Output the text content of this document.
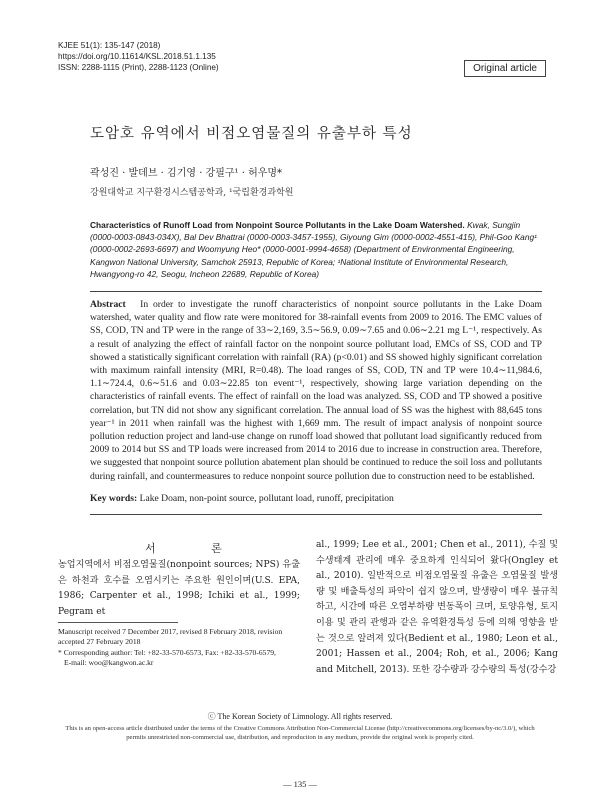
KJEE 51(1): 135-147 (2018)
https://doi.org/10.11614/KSL.2018.51.1.135
ISSN: 2288-1115 (Print), 2288-1123 (Online)	Original article
도암호 유역에서 비점오염물질의 유출부하 특성
곽성진 · 발데브 · 김기영 · 강필구¹ · 허우명*
강원대학교 지구환경시스템공학과, ¹국립환경과학원
Characteristics of Runoff Load from Nonpoint Source Pollutants in the Lake Doam Watershed. Kwak, Sungjin (0000-0003-0843-034X), Bal Dev Bhattrai (0000-0003-3457-1955), Giyoung Gim (0000-0002-4551-415), Phil-Goo Kang¹ (0000-0002-2693-6697) and Woomyung Heo* (0000-0001-9994-4658) (Department of Environmental Engineering, Kangwon National University, Samchok 25913, Republic of Korea; ¹National Institute of Environmental Research, Hwangyong-ro 42, Seogu, Incheon 22689, Republic of Korea)
Abstract In order to investigate the runoff characteristics of nonpoint source pollutants in the Lake Doam watershed, water quality and flow rate were monitored for 38-rainfall events from 2009 to 2016. The EMC values of SS, COD, TN and TP were in the range of 33∼2,169, 3.5∼56.9, 0.09∼7.65 and 0.06∼2.21 mg L⁻¹, respectively. As a result of analyzing the effect of rainfall factor on the nonpoint source pollutant load, EMCs of SS, COD and TP showed a statistically significant correlation with rainfall (RA) (p<0.01) and SS showed highly significant correlation with maximum rainfall intensity (MRI, R=0.48). The load ranges of SS, COD, TN and TP were 10.4∼11,984.6, 1.1∼724.4, 0.6∼51.6 and 0.03∼22.85 ton event⁻¹, respectively, showing large variation depending on the characteristics of rainfall events. The effect of rainfall on the load was analyzed. SS, COD and TP showed a positive correlation, but TN did not show any significant correlation. The annual load of SS was the highest with 88,645 tons year⁻¹ in 2011 when rainfall was the highest with 1,669 mm. The result of impact analysis of nonpoint source pollution reduction project and land-use change on runoff load showed that pollutant load significantly reduced from 2009 to 2014 but SS and TP loads were increased from 2014 to 2016 due to increase in construction area. Therefore, we suggested that nonpoint source pollution abatement plan should be continued to reduce the soil loss and pollutants during rainfall, and countermeasures to reduce nonpoint source pollution due to construction need to be established.
Key words: Lake Doam, non-point source, pollutant load, runoff, precipitation
서 론
농업지역에서 비점오염물질(nonpoint sources; NPS) 유출은 하천과 호수를 오염시키는 주요한 원인이며(U.S. EPA, 1986; Carpenter et al., 1998; Ichiki et al., 1999; Pegram et
al., 1999; Lee et al., 2001; Chen et al., 2011), 수질 및 수생태계 관리에 매우 중요하게 인식되어 왔다(Ongley et al., 2010). 일반적으로 비점오염물질 유출은 오염물질 발생량 및 배출특성의 파악이 쉽지 않으며, 발생량이 매우 불규칙하고, 시간에 따른 오염부하량 변동폭이 크며, 토양유형, 토지이용 및 관리 관행과 같은 유역환경특성 등에 의해 영향을 받는 것으로 알려져 있다(Bedient et al., 1980; Leon et al., 2001; Hassen et al., 2004; Roh, et al., 2006; Kang and Mitchell, 2013). 또한 강수량과 강수량의 특성(강수강
Manuscript received 7 December 2017, revised 8 February 2018, revision accepted 27 February 2018
* Corresponding author: Tel: +82-33-570-6573, Fax: +82-33-570-6579,
E-mail: woo@kangwon.ac.kr
ⓒ The Korean Society of Limnology. All rights reserved.
This is an open-access article distributed under the terms of the Creative Commons Attribution Non-Commercial License (http://creativecommons.org/licenses/by-nc/3.0/), which permits unrestricted non-commercial use, distribution, and reproduction in any medium, provide the original work is properly cited.
— 135 —
